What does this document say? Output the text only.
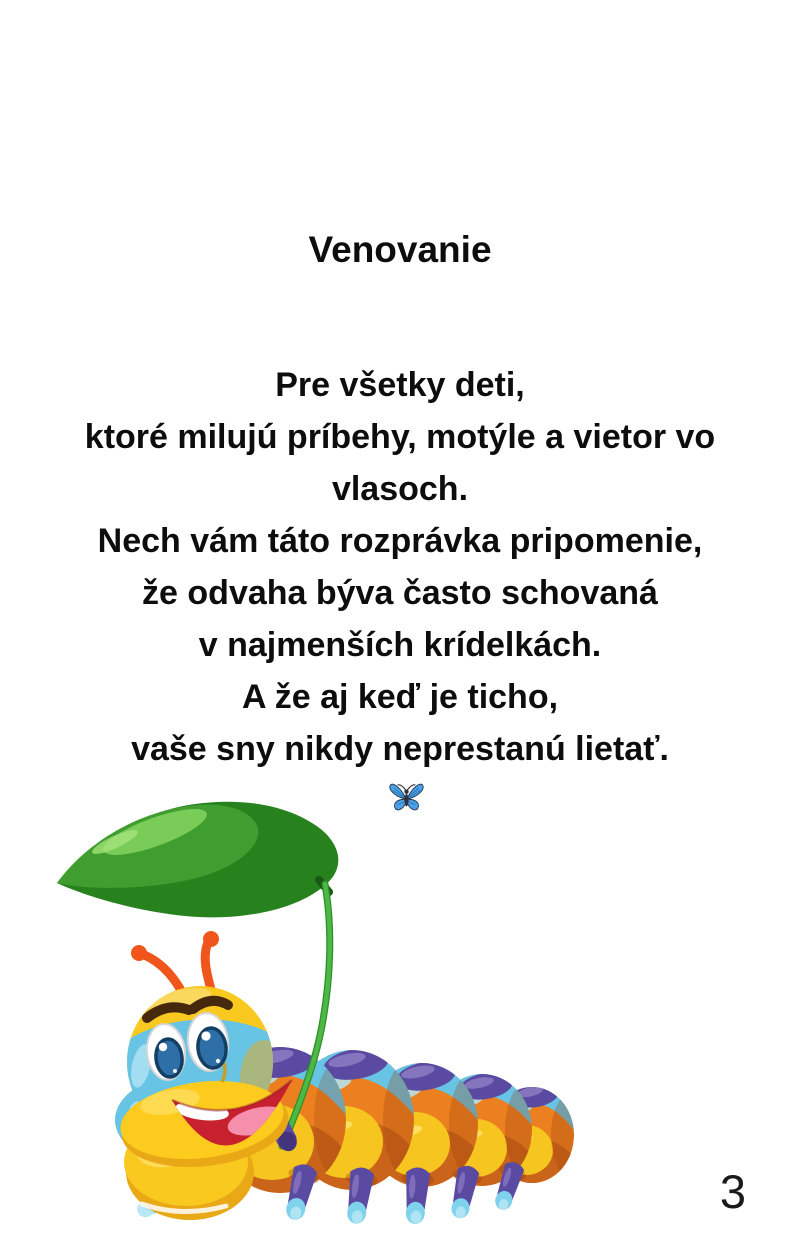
Venovanie
Pre všetky deti,
ktoré milujú príbehy, motýle a vietor vo
vlasoch.
Nech vám táto rozprávka pripomenie,
že odvaha býva často schovaná
v najmenších krídelkách.
A že aj keď je ticho,
vaše sny nikdy neprestanú lietať.
3
